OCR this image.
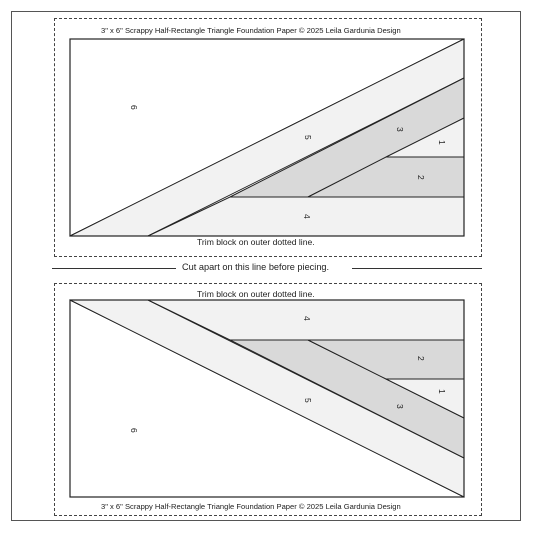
3" x 6" Scrappy Half-Rectangle Triangle Foundation Paper © 2025 Leila Gardunia Design
Trim block on outer dotted line.
Cut apart on this line before piecing.
Trim block on outer dotted line.
3" x 6" Scrappy Half-Rectangle Triangle Foundation Paper © 2025 Leila Gardunia Design
6
5
3
1
2
4
4
2
1
5
3
6
